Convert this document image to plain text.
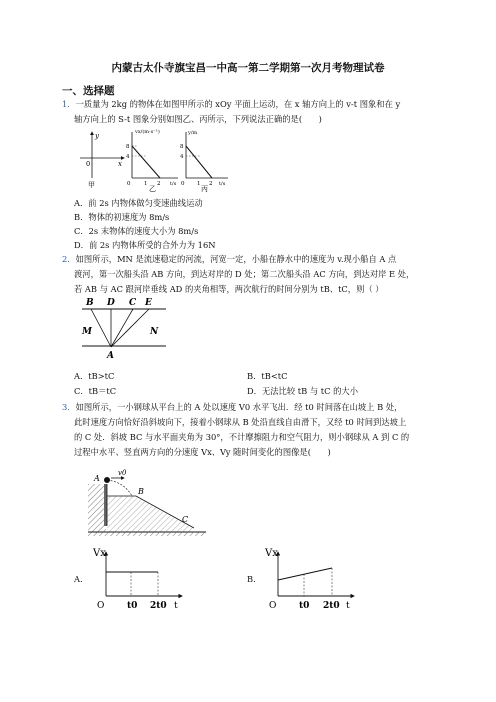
内蒙古太仆寺旗宝昌一中高一第二学期第一次月考物理试卷
一、选择题
1．一质量为 2kg 的物体在如图甲所示的 xOy 平面上运动，在 x 轴方向上的 v-t 图象和在 y
轴方向上的 S-t 图象分别如图乙、丙所示，下列说法正确的是(　　)
y
x
0
甲
vx/(m·s⁻¹)
8
4
0 1 2 t/s
乙
y/m
8
4
0 1 2 t/s
丙
A．前 2s 内物体做匀变速曲线运动
B．物体的初速度为 8m/s
C．2s 末物体的速度大小为 8m/s
D．前 2s 内物体所受的合外力为 16N
2．如图所示，MN 是流速稳定的河流，河宽一定，小船在静水中的速度为 v.现小船自 A 点
渡河，第一次船头沿 AB 方向，到达对岸的 D 处；第二次船头沿 AC 方向，到达对岸 E 处，
若 AB 与 AC 跟河岸垂线 AD 的夹角相等，两次航行的时间分别为 tB、tC，则（ ）
B D C E
M	N
A
A．tB>tC	B．tB<tC
C．tB＝tC	D．无法比较 tB 与 tC 的大小
3．如图所示，一小钢球从平台上的 A 处以速度 V0 水平飞出．经 t0 时间落在山坡上 B 处，
此时速度方向恰好沿斜坡向下，接着小钢球从 B 处沿直线自由滑下，又经 t0 时间到达坡上
的 C 处．斜坡 BC 与水平面夹角为 30°，不计摩擦阻力和空气阻力，则小钢球从 A 到 C 的
过程中水平、竖直两方向的分速度 Vx、Vy 随时间变化的图像是(　　)
A
v0
B
C
A.
Vx
O	t0 2t0 t
B.
Vx
O	t0 2t0 t
